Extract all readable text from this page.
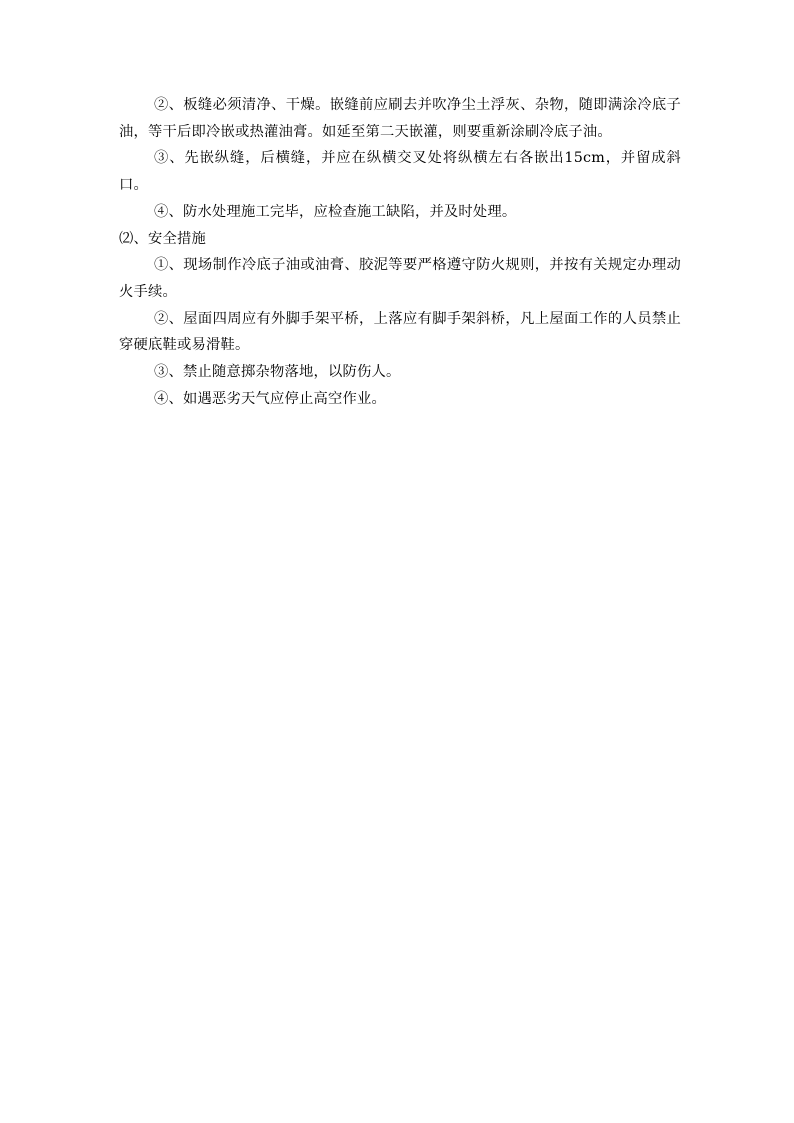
②、板缝必须清净、干燥。嵌缝前应刷去并吹净尘土浮灰、杂物，随即满涂冷底子油，等干后即冷嵌或热灌油膏。如延至第二天嵌灌，则要重新涂刷冷底子油。

③、先嵌纵缝，后横缝，并应在纵横交叉处将纵横左右各嵌出15cm，并留成斜口。

④、防水处理施工完毕，应检查施工缺陷，并及时处理。

⑵、安全措施

①、现场制作冷底子油或油膏、胶泥等要严格遵守防火规则，并按有关规定办理动火手续。

②、屋面四周应有外脚手架平桥，上落应有脚手架斜桥，凡上屋面工作的人员禁止穿硬底鞋或易滑鞋。

③、禁止随意掷杂物落地，以防伤人。

④、如遇恶劣天气应停止高空作业。
